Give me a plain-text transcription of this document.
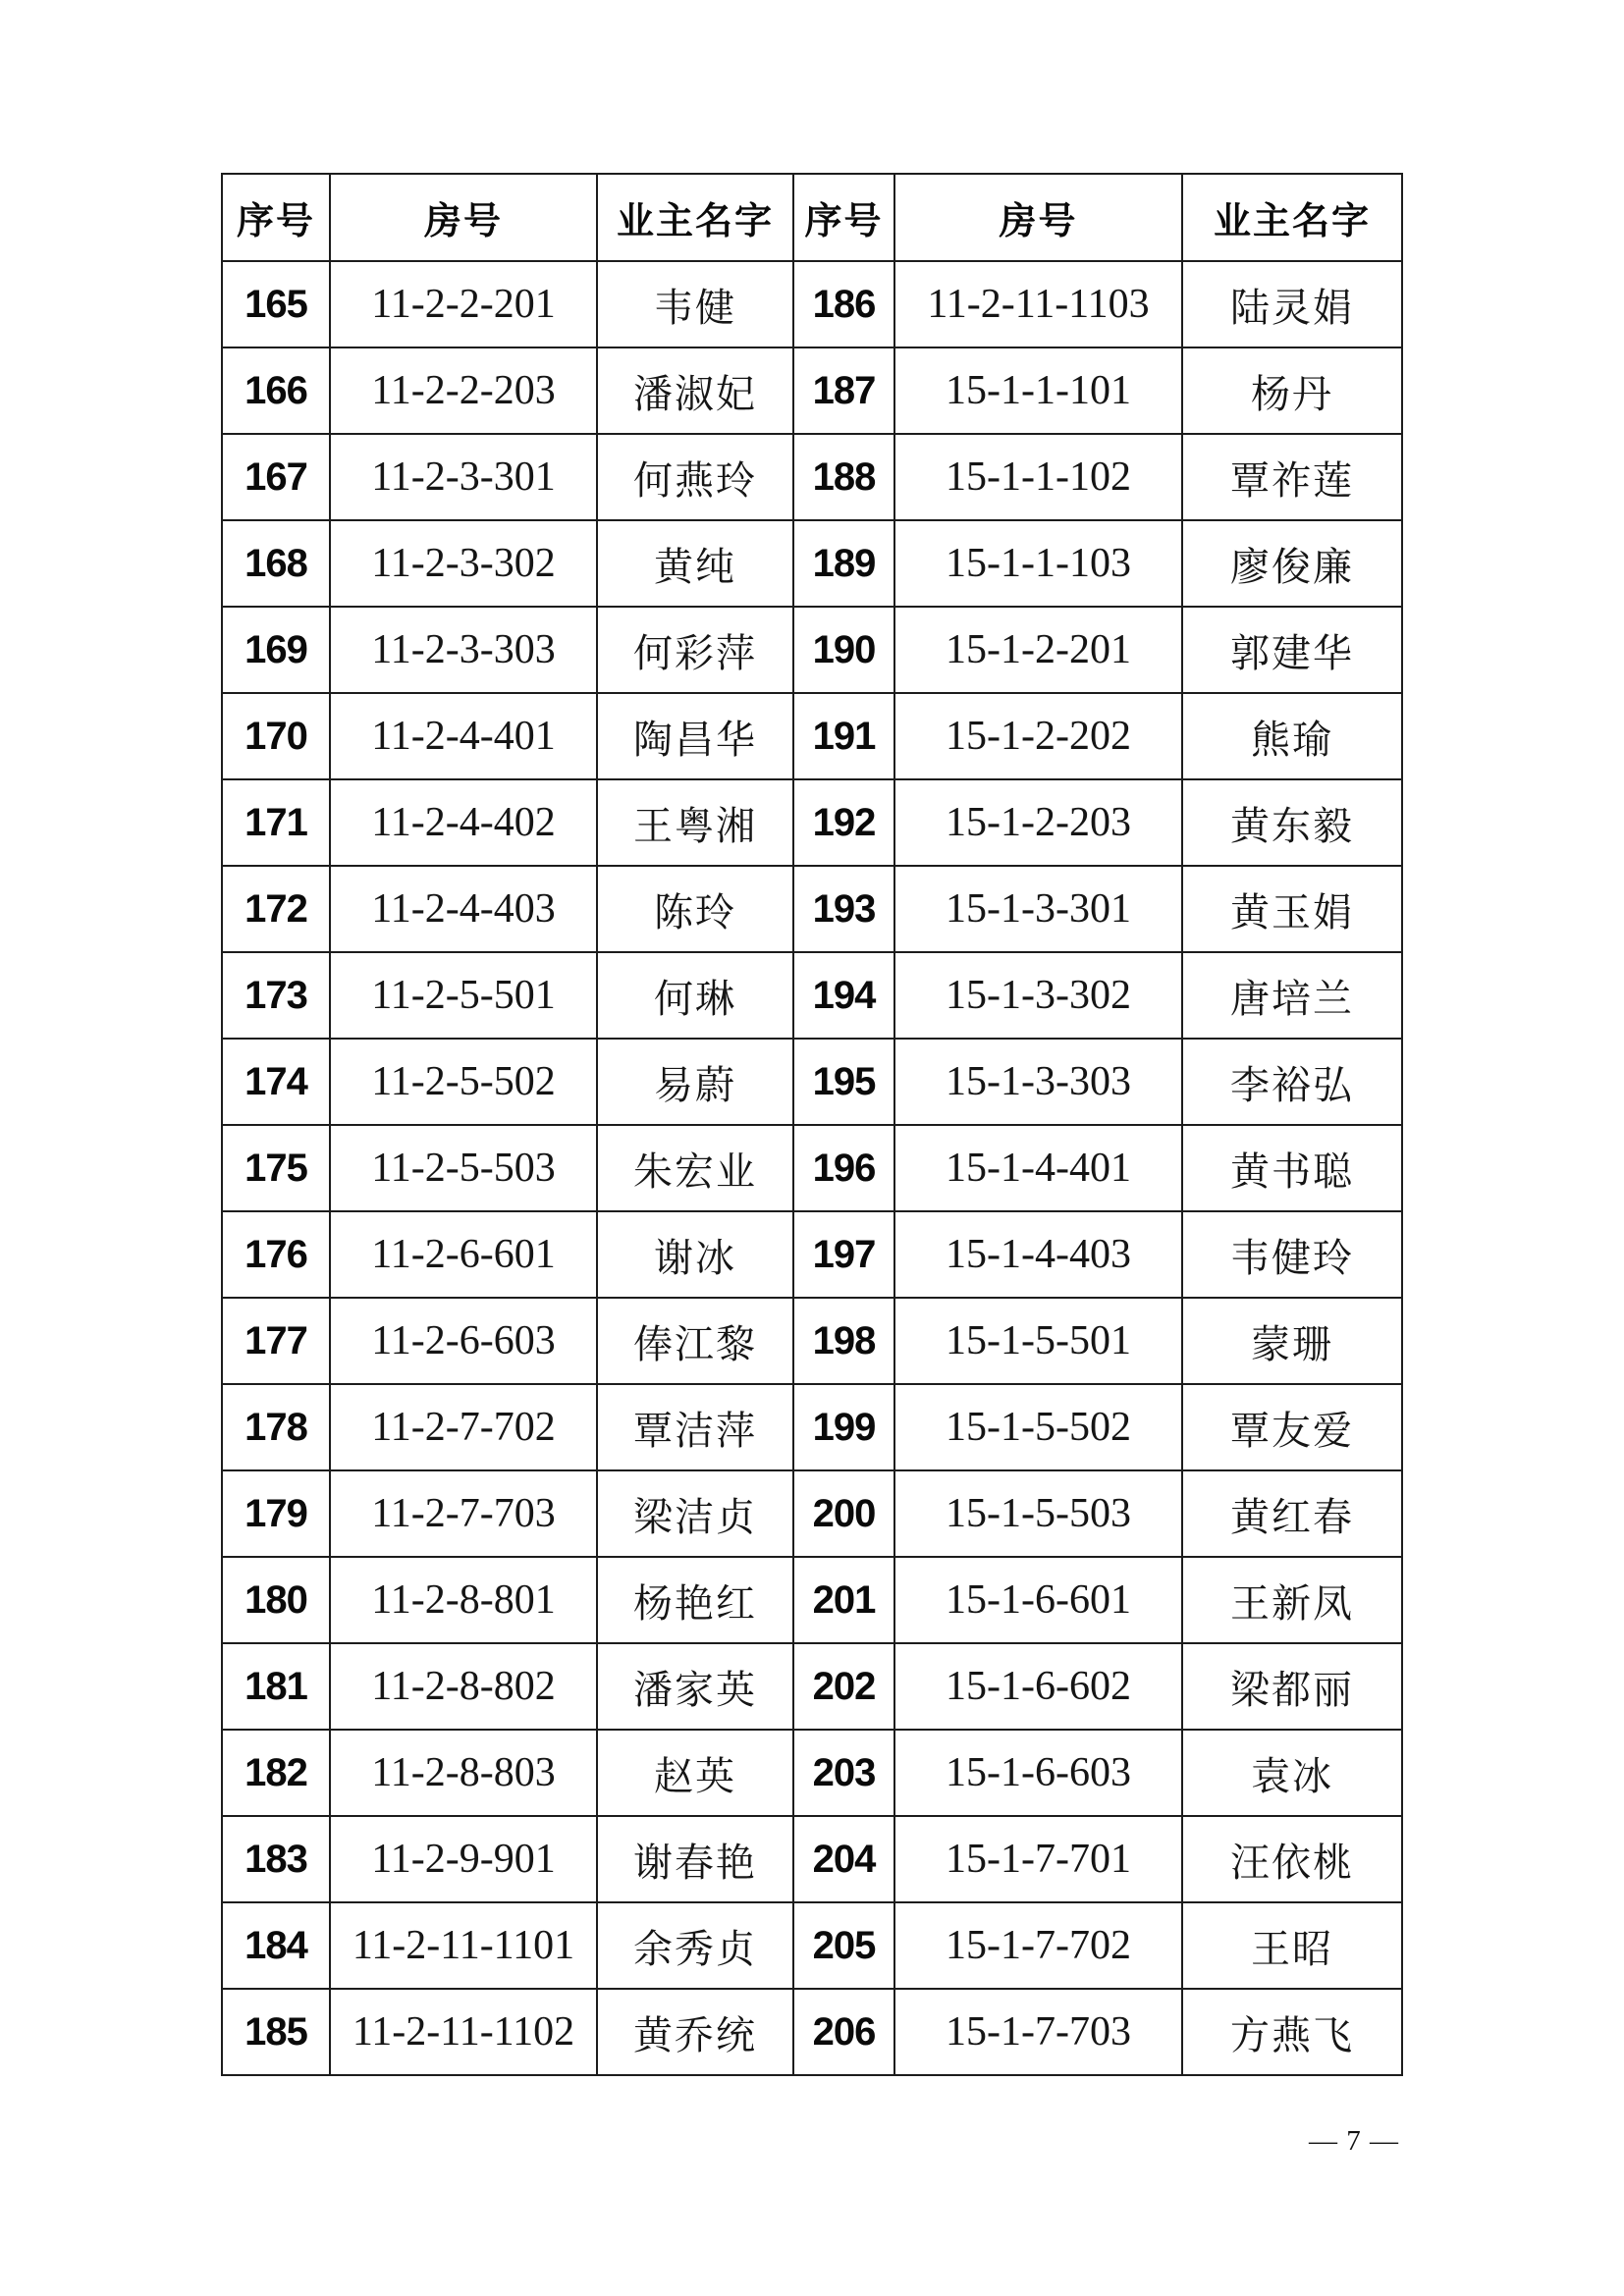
序号	房号	业主名字	序号	房号	业主名字
165	11-2-2-201	韦健	186	11-2-11-1103	陆灵娟
166	11-2-2-203	潘淑妃	187	15-1-1-101	杨丹
167	11-2-3-301	何燕玲	188	15-1-1-102	覃祚莲
168	11-2-3-302	黄纯	189	15-1-1-103	廖俊廉
169	11-2-3-303	何彩萍	190	15-1-2-201	郭建华
170	11-2-4-401	陶昌华	191	15-1-2-202	熊瑜
171	11-2-4-402	王粤湘	192	15-1-2-203	黄东毅
172	11-2-4-403	陈玲	193	15-1-3-301	黄玉娟
173	11-2-5-501	何琳	194	15-1-3-302	唐培兰
174	11-2-5-502	易蔚	195	15-1-3-303	李裕弘
175	11-2-5-503	朱宏业	196	15-1-4-401	黄书聪
176	11-2-6-601	谢冰	197	15-1-4-403	韦健玲
177	11-2-6-603	俸江黎	198	15-1-5-501	蒙珊
178	11-2-7-702	覃洁萍	199	15-1-5-502	覃友爱
179	11-2-7-703	梁洁贞	200	15-1-5-503	黄红春
180	11-2-8-801	杨艳红	201	15-1-6-601	王新凤
181	11-2-8-802	潘家英	202	15-1-6-602	梁都丽
182	11-2-8-803	赵英	203	15-1-6-603	袁冰
183	11-2-9-901	谢春艳	204	15-1-7-701	汪依桃
184	11-2-11-1101	余秀贞	205	15-1-7-702	王昭
185	11-2-11-1102	黄乔统	206	15-1-7-703	方燕飞
— 7 —
